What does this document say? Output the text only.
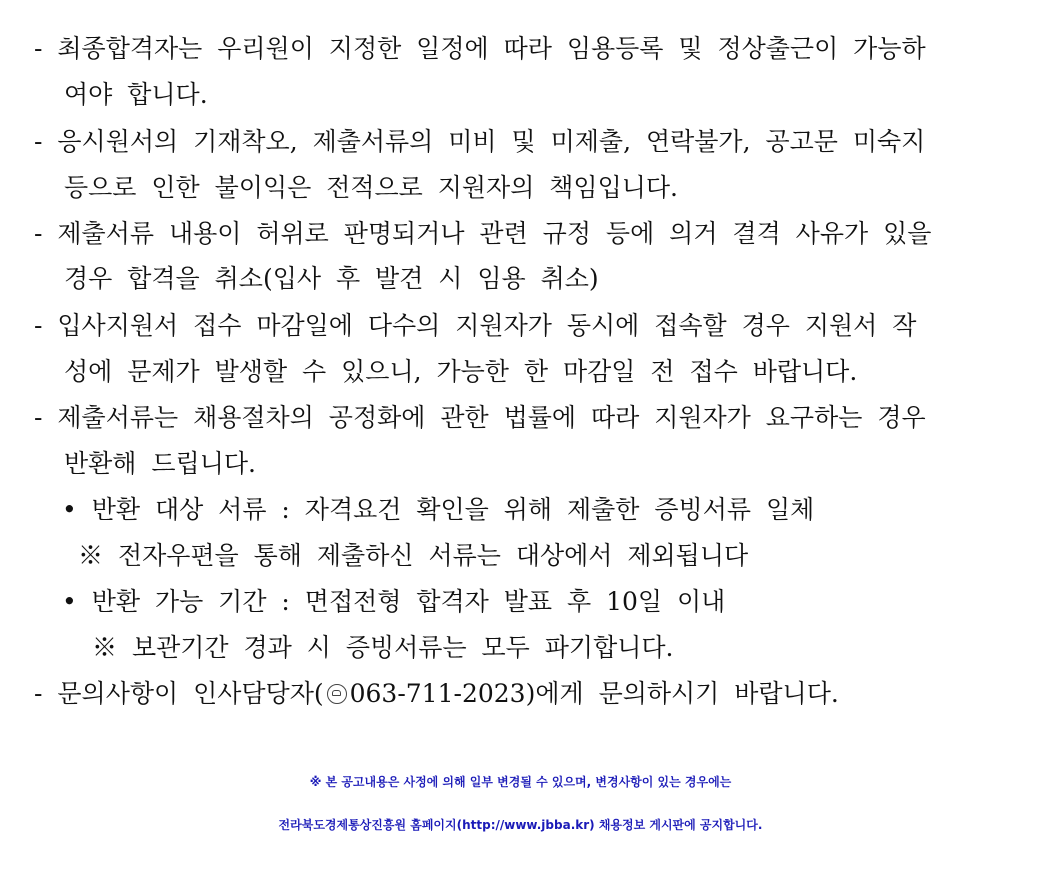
- 최종합격자는 우리원이 지정한 일정에 따라 임용등록 및 정상출근이 가능하
여야 합니다.
- 응시원서의 기재착오, 제출서류의 미비 및 미제출, 연락불가, 공고문 미숙지
등으로 인한 불이익은 전적으로 지원자의 책임입니다.
- 제출서류 내용이 허위로 판명되거나 관련 규정 등에 의거 결격 사유가 있을
경우 합격을 취소(입사 후 발견 시 임용 취소)
- 입사지원서 접수 마감일에 다수의 지원자가 동시에 접속할 경우 지원서 작
성에 문제가 발생할 수 있으니, 가능한 한 마감일 전 접수 바랍니다.
- 제출서류는 채용절차의 공정화에 관한 법률에 따라 지원자가 요구하는 경우
반환해 드립니다.
• 반환 대상 서류 : 자격요건 확인을 위해 제출한 증빙서류 일체
※ 전자우편을 통해 제출하신 서류는 대상에서 제외됩니다
• 반환 가능 기간 : 면접전형 합격자 발표 후 10일 이내
※ 보관기간 경과 시 증빙서류는 모두 파기합니다.
- 문의사항이 인사담당자( 063-711-2023)에게 문의하시기 바랍니다.
※ 본 공고내용은 사정에 의해 일부 변경될 수 있으며, 변경사항이 있는 경우에는
전라북도경제통상진흥원 홈페이지(http://www.jbba.kr) 채용정보 게시판에 공지합니다.
